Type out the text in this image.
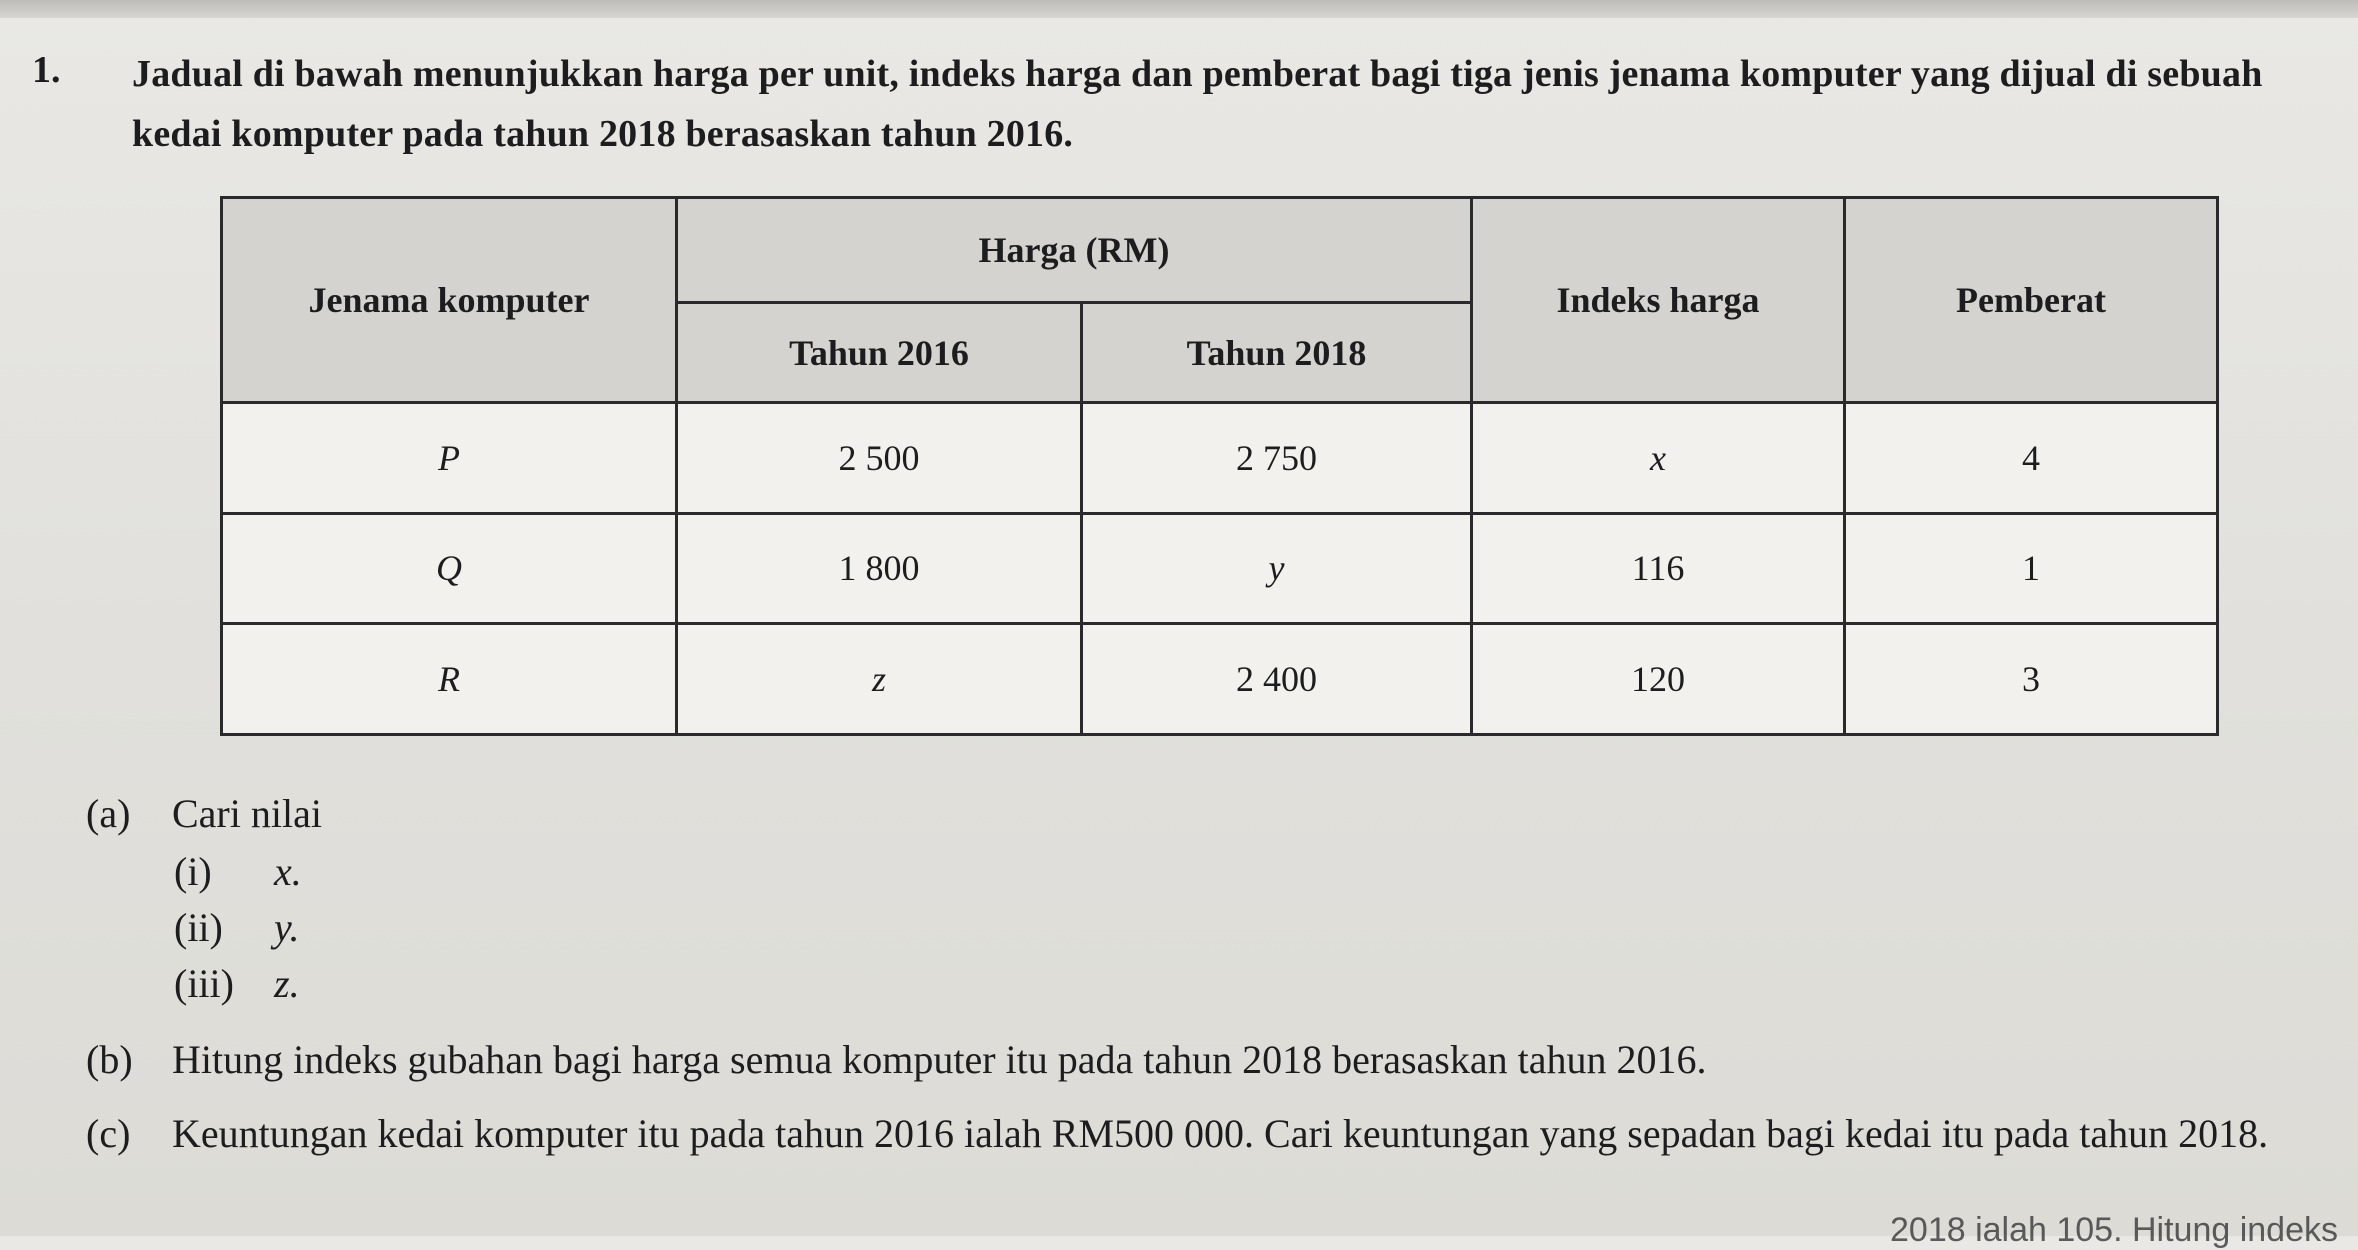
1. Jadual di bawah menunjukkan harga per unit, indeks harga dan pemberat bagi tiga jenis jenama komputer yang dijual di sebuah kedai komputer pada tahun 2018 berasaskan tahun 2016.
Jenama komputer	Harga (RM)		Indeks harga	Pemberat
	Tahun 2016	Tahun 2018		
P	2 500	2 750	x	4
Q	1 800	y	116	1
R	z	2 400	120	3
(a) Cari nilai
(i) x.
(ii) y.
(iii) z.
(b) Hitung indeks gubahan bagi harga semua komputer itu pada tahun 2018 berasaskan tahun 2016.
(c) Keuntungan kedai komputer itu pada tahun 2016 ialah RM500 000. Cari keuntungan yang sepadan bagi kedai itu pada tahun 2018.
2018 ialah 105. Hitung indeks
